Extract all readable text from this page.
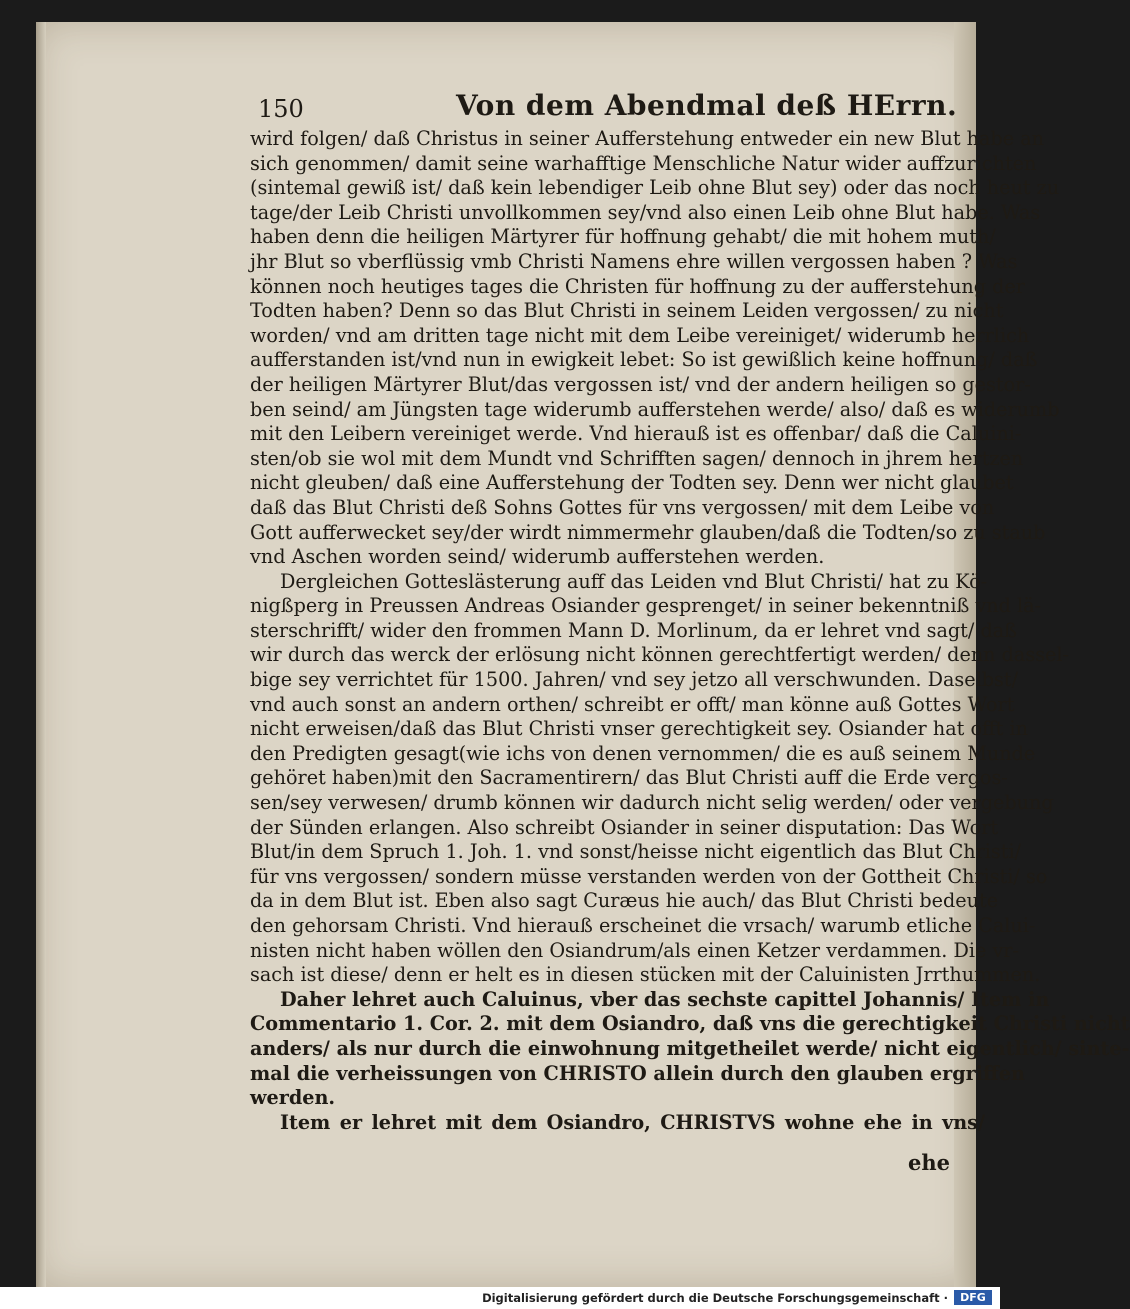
150	Von dem Abendmal deß HErrn.
wird folgen/ daß Christus in seiner Aufferstehung entweder ein new Blut habe an
sich genommen/ damit seine warhafftige Menschliche Natur wider auffzurichten
(sintemal gewiß ist/ daß kein lebendiger Leib ohne Blut sey) oder das noch heut zu
tage/der Leib Christi unvollkommen sey/vnd also einen Leib ohne Blut habe. Was
haben denn die heiligen Märtyrer für hoffnung gehabt/ die mit hohem muth/
jhr Blut so vberflüssig vmb Christi Namens ehre willen vergossen haben ? Was
können noch heutiges tages die Christen für hoffnung zu der aufferstehung der
Todten haben? Denn so das Blut Christi in seinem Leiden vergossen/ zu nicht
worden/ vnd am dritten tage nicht mit dem Leibe vereiniget/ widerumb herrlich
aufferstanden ist/vnd nun in ewigkeit lebet: So ist gewißlich keine hoffnung/ daß
der heiligen Märtyrer Blut/das vergossen ist/ vnd der andern heiligen so gestor-
ben seind/ am Jüngsten tage widerumb aufferstehen werde/ also/ daß es widerumb
mit den Leibern vereiniget werde. Vnd hierauß ist es offenbar/ daß die Caluini-
sten/ob sie wol mit dem Mundt vnd Schrifften sagen/ dennoch in jhrem hertzen
nicht gleuben/ daß eine Aufferstehung der Todten sey. Denn wer nicht glaubet
daß das Blut Christi deß Sohns Gottes für vns vergossen/ mit dem Leibe von
Gott aufferwecket sey/der wirdt nimmermehr glauben/daß die Todten/so zu staub
vnd Aschen worden seind/ widerumb aufferstehen werden.
Dergleichen Gotteslästerung auff das Leiden vnd Blut Christi/ hat zu Kö-
nigßperg in Preussen Andreas Osiander gesprenget/ in seiner bekenntniß vnd lä-
sterschrifft/ wider den frommen Mann D. Morlinum, da er lehret vnd sagt/ daß
wir durch das werck der erlösung nicht können gerechtfertigt werden/ denn dassel-
bige sey verrichtet für 1500. Jahren/ vnd sey jetzo all verschwunden. Daselbst/
vnd auch sonst an andern orthen/ schreibt er offt/ man könne auß Gottes Wort
nicht erweisen/daß das Blut Christi vnser gerechtigkeit sey. Osiander hat offt in
den Predigten gesagt(wie ichs von denen vernommen/ die es auß seinem Munde
gehöret haben)mit den Sacramentirern/ das Blut Christi auff die Erde vergos-
sen/sey verwesen/ drumb können wir dadurch nicht selig werden/ oder vergebung
der Sünden erlangen. Also schreibt Osiander in seiner disputation: Das Wort
Blut/in dem Spruch 1. Joh. 1. vnd sonst/heisse nicht eigentlich das Blut Christi/
für vns vergossen/ sondern müsse verstanden werden von der Gottheit Christi/ so
da in dem Blut ist. Eben also sagt Curæus hie auch/ das Blut Christi bedeute
den gehorsam Christi. Vnd hierauß erscheinet die vrsach/ warumb etliche Calui-
nisten nicht haben wöllen den Osiandrum/als einen Ketzer verdammen. Die vr-
sach ist diese/ denn er helt es in diesen stücken mit der Caluinisten Jrrthummen.
Daher lehret auch Caluinus, vber das sechste capittel Johannis/ Item in
Commentario 1. Cor. 2. mit dem Osiandro, daß vns die gerechtigkeit Christi nicht
anders/ als nur durch die einwohnung mitgetheilet werde/ nicht eigentlich/ sinte-
mal die verheissungen von CHRISTO allein durch den glauben ergriffen
werden.
Item er lehret mit dem Osiandro, CHRISTVS wohne ehe in vns/
ehe
Digitalisierung gefördert durch die Deutsche Forschungsgemeinschaft ·	DFG
